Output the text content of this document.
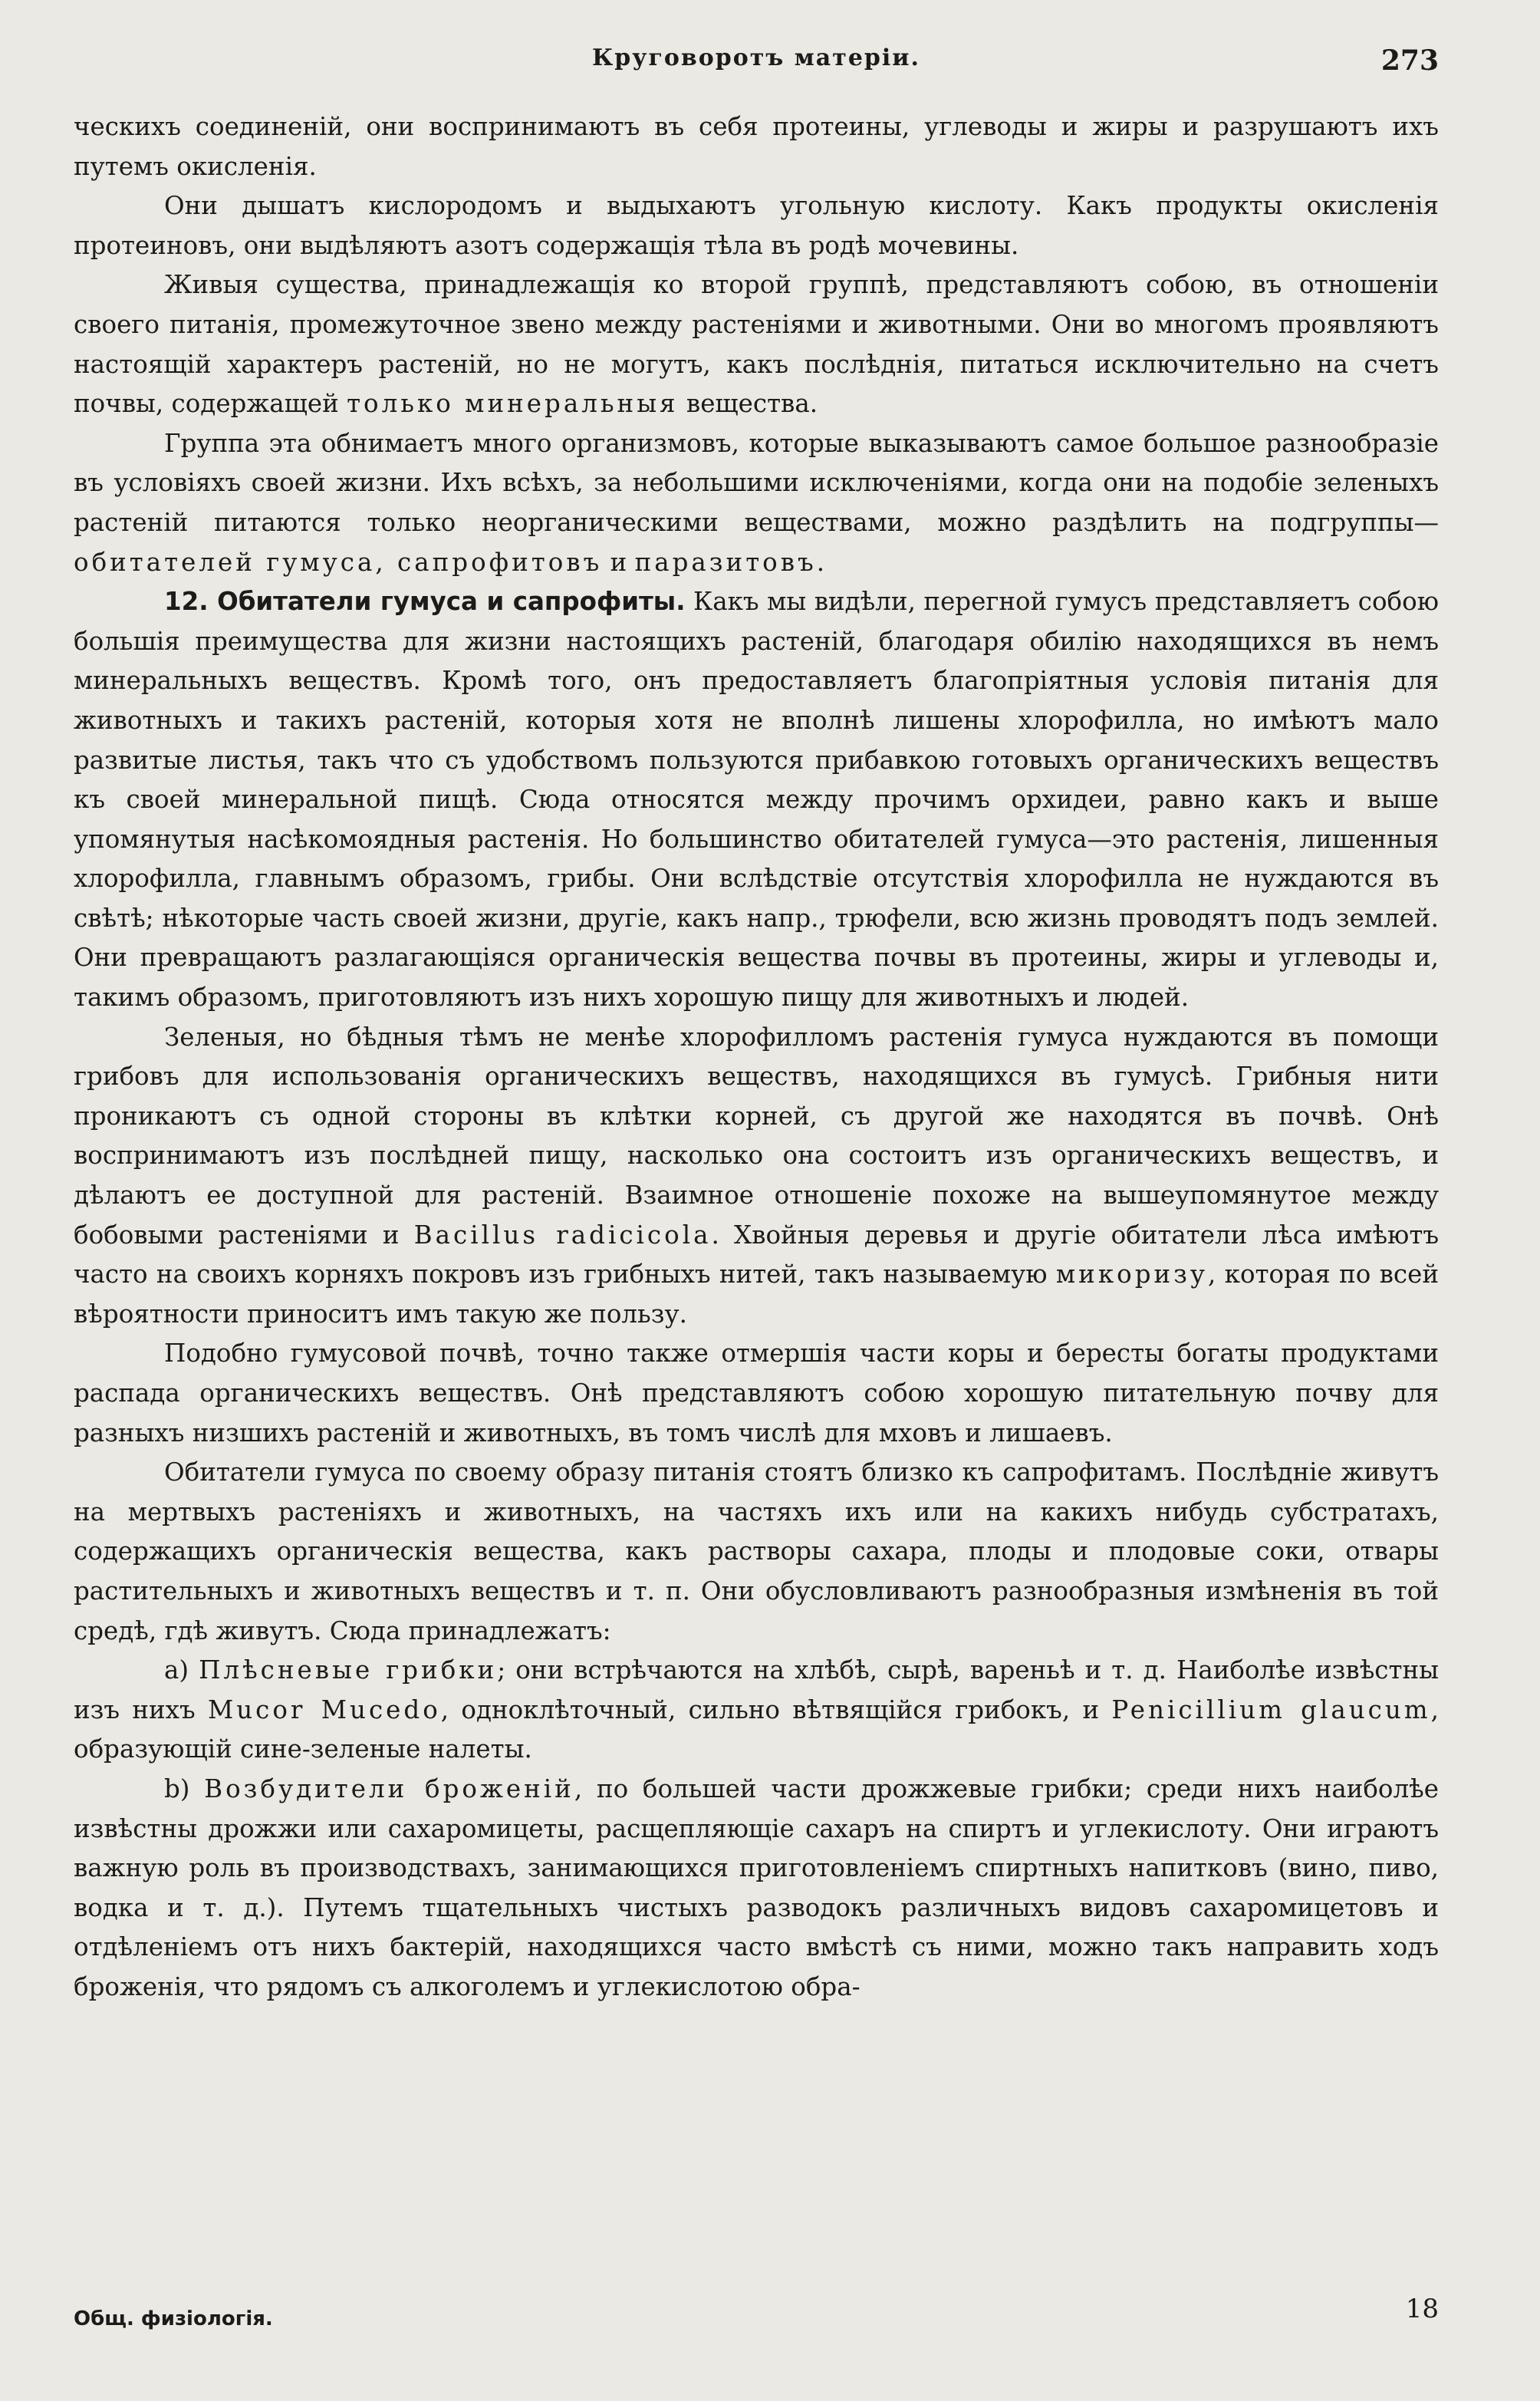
Круговоротъ матеріи.	273

ческихъ соединеній, они воспринимаютъ въ себя протеины, углеводы и жиры и разрушаютъ ихъ путемъ окисленія.

Они дышатъ кислородомъ и выдыхаютъ угольную кислоту. Какъ продукты окисленія протеиновъ, они выдѣляютъ азотъ содержащія тѣла въ родѣ мочевины.

Живыя существа, принадлежащія ко второй группѣ, представляютъ собою, въ отношеніи своего питанія, промежуточное звено между растеніями и животными. Они во многомъ проявляютъ настоящій характеръ растеній, но не могутъ, какъ послѣднія, питаться исключительно на счетъ почвы, содержащей только минеральныя вещества.

Группа эта обнимаетъ много организмовъ, которые выказываютъ самое большое разнообразіе въ условіяхъ своей жизни. Ихъ всѣхъ, за небольшими исключеніями, когда они на подобіе зеленыхъ растеній питаются только неорганическими веществами, можно раздѣлить на подгруппы—обитателей гумуса, сапрофитовъ и паразитовъ.

12. Обитатели гумуса и сапрофиты. Какъ мы видѣли, перегной гумусъ представляетъ собою большія преимущества для жизни настоящихъ растеній, благодаря обилію находящихся въ немъ минеральныхъ веществъ. Кромѣ того, онъ предоставляетъ благопріятныя условія питанія для животныхъ и такихъ растеній, которыя хотя не вполнѣ лишены хлорофилла, но имѣютъ мало развитые листья, такъ что съ удобствомъ пользуются прибавкою готовыхъ органическихъ веществъ къ своей минеральной пищѣ. Сюда относятся между прочимъ орхидеи, равно какъ и выше упомянутыя насѣкомоядныя растенія. Но большинство обитателей гумуса—это растенія, лишенныя хлорофилла, главнымъ образомъ, грибы. Они вслѣдствіе отсутствія хлорофилла не нуждаются въ свѣтѣ; нѣкоторые часть своей жизни, другіе, какъ напр., трюфели, всю жизнь проводятъ подъ землей. Они превращаютъ разлагающіяся органическія вещества почвы въ протеины, жиры и углеводы и, такимъ образомъ, приготовляютъ изъ нихъ хорошую пищу для животныхъ и людей.

Зеленыя, но бѣдныя тѣмъ не менѣе хлорофилломъ растенія гумуса нуждаются въ помощи грибовъ для использованія органическихъ веществъ, находящихся въ гумусѣ. Грибныя нити проникаютъ съ одной стороны въ клѣтки корней, съ другой же находятся въ почвѣ. Онѣ воспринимаютъ изъ послѣдней пищу, насколько она состоитъ изъ органическихъ веществъ, и дѣлаютъ ее доступной для растеній. Взаимное отношеніе похоже на вышеупомянутое между бобовыми растеніями и Bacillus radicicola. Хвойныя деревья и другіе обитатели лѣса имѣютъ часто на своихъ корняхъ покровъ изъ грибныхъ нитей, такъ называемую микоризу, которая по всей вѣроятности приноситъ имъ такую же пользу.

Подобно гумусовой почвѣ, точно также отмершія части коры и бересты богаты продуктами распада органическихъ веществъ. Онѣ представляютъ собою хорошую питательную почву для разныхъ низшихъ растеній и животныхъ, въ томъ числѣ для мховъ и лишаевъ.

Обитатели гумуса по своему образу питанія стоятъ близко къ сапрофитамъ. Послѣдніе живутъ на мертвыхъ растеніяхъ и животныхъ, на частяхъ ихъ или на какихъ нибудь субстратахъ, содержащихъ органическія вещества, какъ растворы сахара, плоды и плодовые соки, отвары растительныхъ и животныхъ веществъ и т. п. Они обусловливаютъ разнообразныя измѣненія въ той средѣ, гдѣ живутъ. Сюда принадлежатъ:

a) Плѣсневые грибки; они встрѣчаются на хлѣбѣ, сырѣ, вареньѣ и т. д. Наиболѣе извѣстны изъ нихъ Mucor Mucedo, одноклѣточный, сильно вѣтвящійся грибокъ, и Penicillium glaucum, образующій сине-зеленые налеты.

b) Возбудители броженій, по большей части дрожжевые грибки; среди нихъ наиболѣе извѣстны дрожжи или сахаромицеты, расщепляющіе сахаръ на спиртъ и углекислоту. Они играютъ важную роль въ производствахъ, занимающихся приготовленіемъ спиртныхъ напитковъ (вино, пиво, водка и т. д.). Путемъ тщательныхъ чистыхъ разводокъ различныхъ видовъ сахаромицетовъ и отдѣленіемъ отъ нихъ бактерій, находящихся часто вмѣстѣ съ ними, можно такъ направить ходъ броженія, что рядомъ съ алкоголемъ и углекислотою обра-

Общ. физіологія.	18
